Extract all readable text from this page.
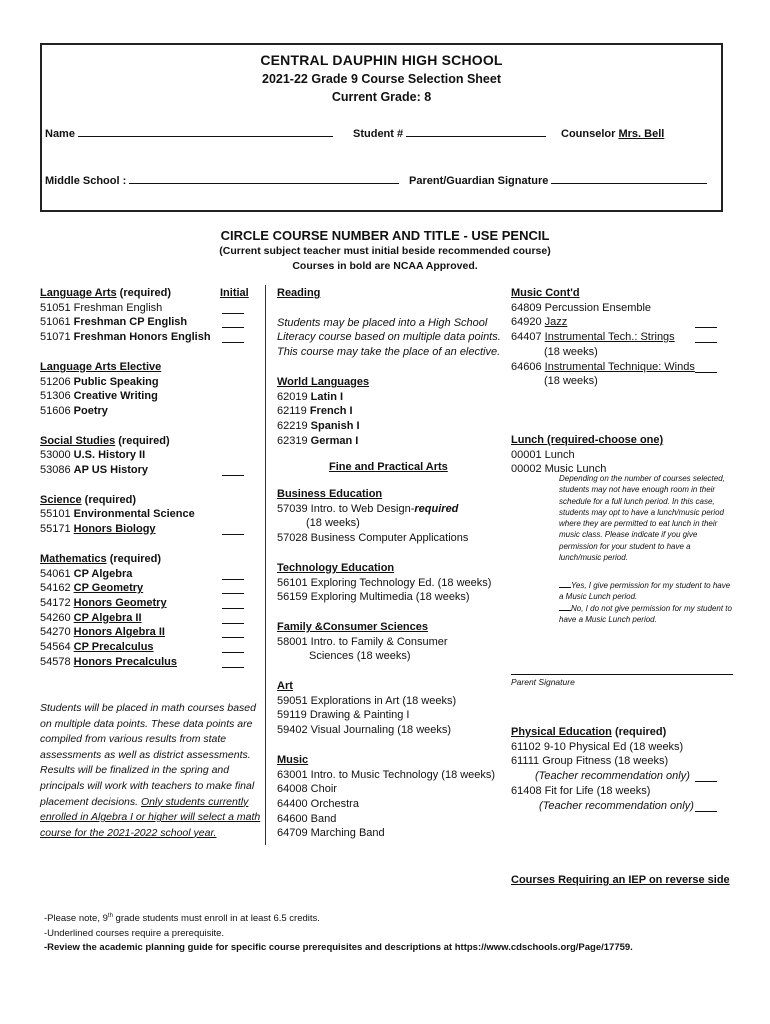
CENTRAL DAUPHIN HIGH SCHOOL
2021-22 Grade 9 Course Selection Sheet
Current Grade: 8
Name	Student #	Counselor Mrs. Bell
Middle School :	Parent/Guardian Signature
CIRCLE COURSE NUMBER AND TITLE - USE PENCIL
(Current subject teacher must initial beside recommended course)
Courses in bold are NCAA Approved.
Language Arts (required)	Initial
51051 Freshman English
51061 Freshman CP English
51071 Freshman Honors English
Language Arts Elective
51206 Public Speaking
51306 Creative Writing
51606 Poetry
Social Studies (required)
53000 U.S. History II
53086 AP US History
Science (required)
55101 Environmental Science
55171 Honors Biology
Mathematics (required)
54061 CP Algebra
54162 CP Geometry
54172 Honors Geometry
54260 CP Algebra II
54270 Honors Algebra II
54564 CP Precalculus
54578 Honors Precalculus
Students will be placed in math courses based
on multiple data points. These data points are
compiled from various results from state
assessments as well as district assessments.
Results will be finalized in the spring and
principals will work with teachers to make final
placement decisions. Only students currently
enrolled in Algebra I or higher will select a math
course for the 2021-2022 school year.
Reading
Students may be placed into a High School
Literacy course based on multiple data points.
This course may take the place of an elective.
World Languages
62019 Latin I
62119 French I
62219 Spanish I
62319 German I
Fine and Practical Arts
Business Education
57039 Intro. to Web Design-required
(18 weeks)
57028 Business Computer Applications
Technology Education
56101 Exploring Technology Ed. (18 weeks)
56159 Exploring Multimedia (18 weeks)
Family &Consumer Sciences
58001 Intro. to Family & Consumer
Sciences (18 weeks)
Art
59051 Explorations in Art (18 weeks)
59119 Drawing & Painting I
59402 Visual Journaling (18 weeks)
Music
63001 Intro. to Music Technology (18 weeks)
64008 Choir
64400 Orchestra
64600 Band
64709 Marching Band
Music Cont'd
64809 Percussion Ensemble
64920 Jazz
64407 Instrumental Tech.: Strings
(18 weeks)
64606 Instrumental Technique: Winds
(18 weeks)
Lunch (required-choose one)
00001 Lunch
00002 Music Lunch
Depending on the number of courses selected, students may not have enough room in their schedule for a full lunch period. In this case, students may opt to have a lunch/music period where they are permitted to eat lunch in their music class. Please indicate if you give permission for your student to have a lunch/music period.
Yes, I give permission for my student to have a Music Lunch period.
No, I do not give permission for my student to have a Music Lunch period.
Parent Signature
Physical Education (required)
61102 9-10 Physical Ed (18 weeks)
61111 Group Fitness (18 weeks)
(Teacher recommendation only)
61408 Fit for Life (18 weeks)
(Teacher recommendation only)
Courses Requiring an IEP on reverse side
-Please note, 9th grade students must enroll in at least 6.5 credits.
-Underlined courses require a prerequisite.
-Review the academic planning guide for specific course prerequisites and descriptions at https://www.cdschools.org/Page/17759.
